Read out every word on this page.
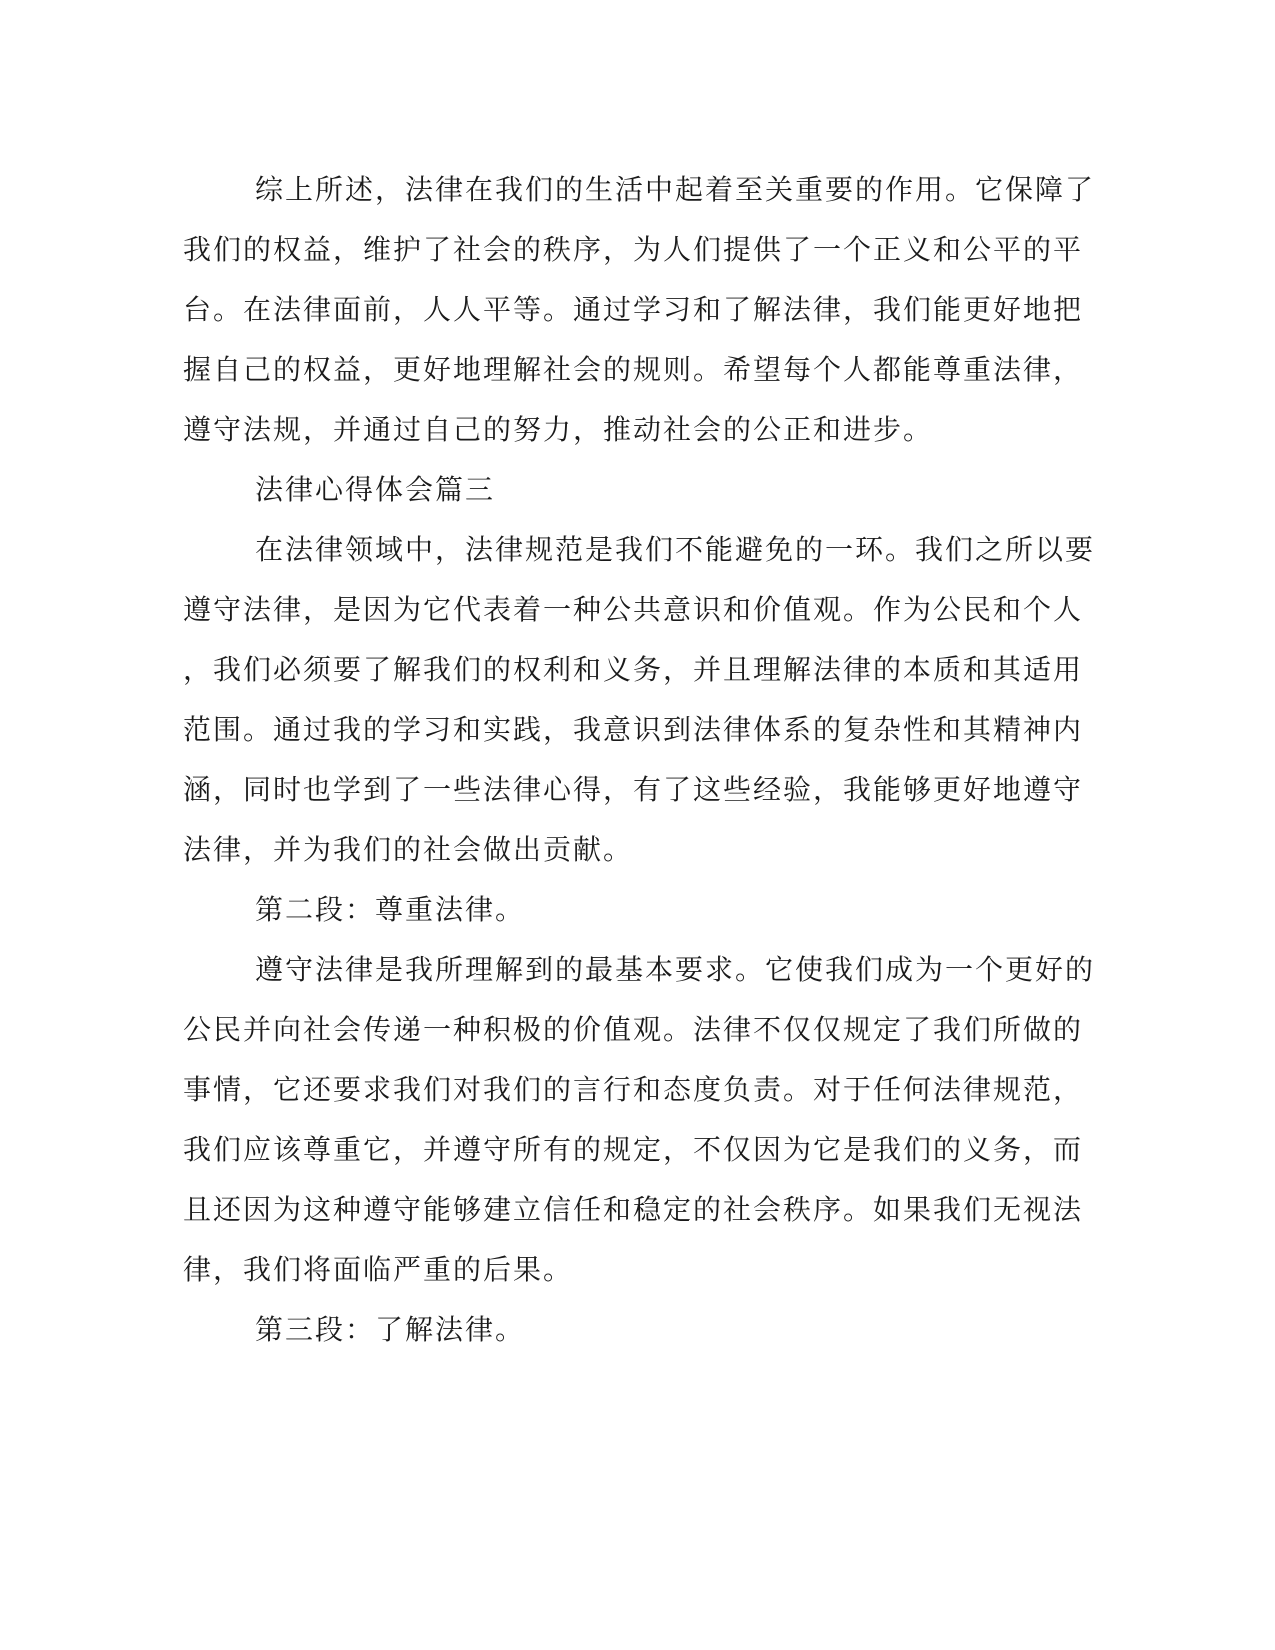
综上所述，法律在我们的生活中起着至关重要的作用。它保障了
我们的权益，维护了社会的秩序，为人们提供了一个正义和公平的平
台。在法律面前，人人平等。通过学习和了解法律，我们能更好地把
握自己的权益，更好地理解社会的规则。希望每个人都能尊重法律，
遵守法规，并通过自己的努力，推动社会的公正和进步。

法律心得体会篇三

在法律领域中，法律规范是我们不能避免的一环。我们之所以要
遵守法律，是因为它代表着一种公共意识和价值观。作为公民和个人
，我们必须要了解我们的权利和义务，并且理解法律的本质和其适用
范围。通过我的学习和实践，我意识到法律体系的复杂性和其精神内
涵，同时也学到了一些法律心得，有了这些经验，我能够更好地遵守
法律，并为我们的社会做出贡献。

第二段：尊重法律。

遵守法律是我所理解到的最基本要求。它使我们成为一个更好的
公民并向社会传递一种积极的价值观。法律不仅仅规定了我们所做的
事情，它还要求我们对我们的言行和态度负责。对于任何法律规范，
我们应该尊重它，并遵守所有的规定，不仅因为它是我们的义务，而
且还因为这种遵守能够建立信任和稳定的社会秩序。如果我们无视法
律，我们将面临严重的后果。

第三段：了解法律。
